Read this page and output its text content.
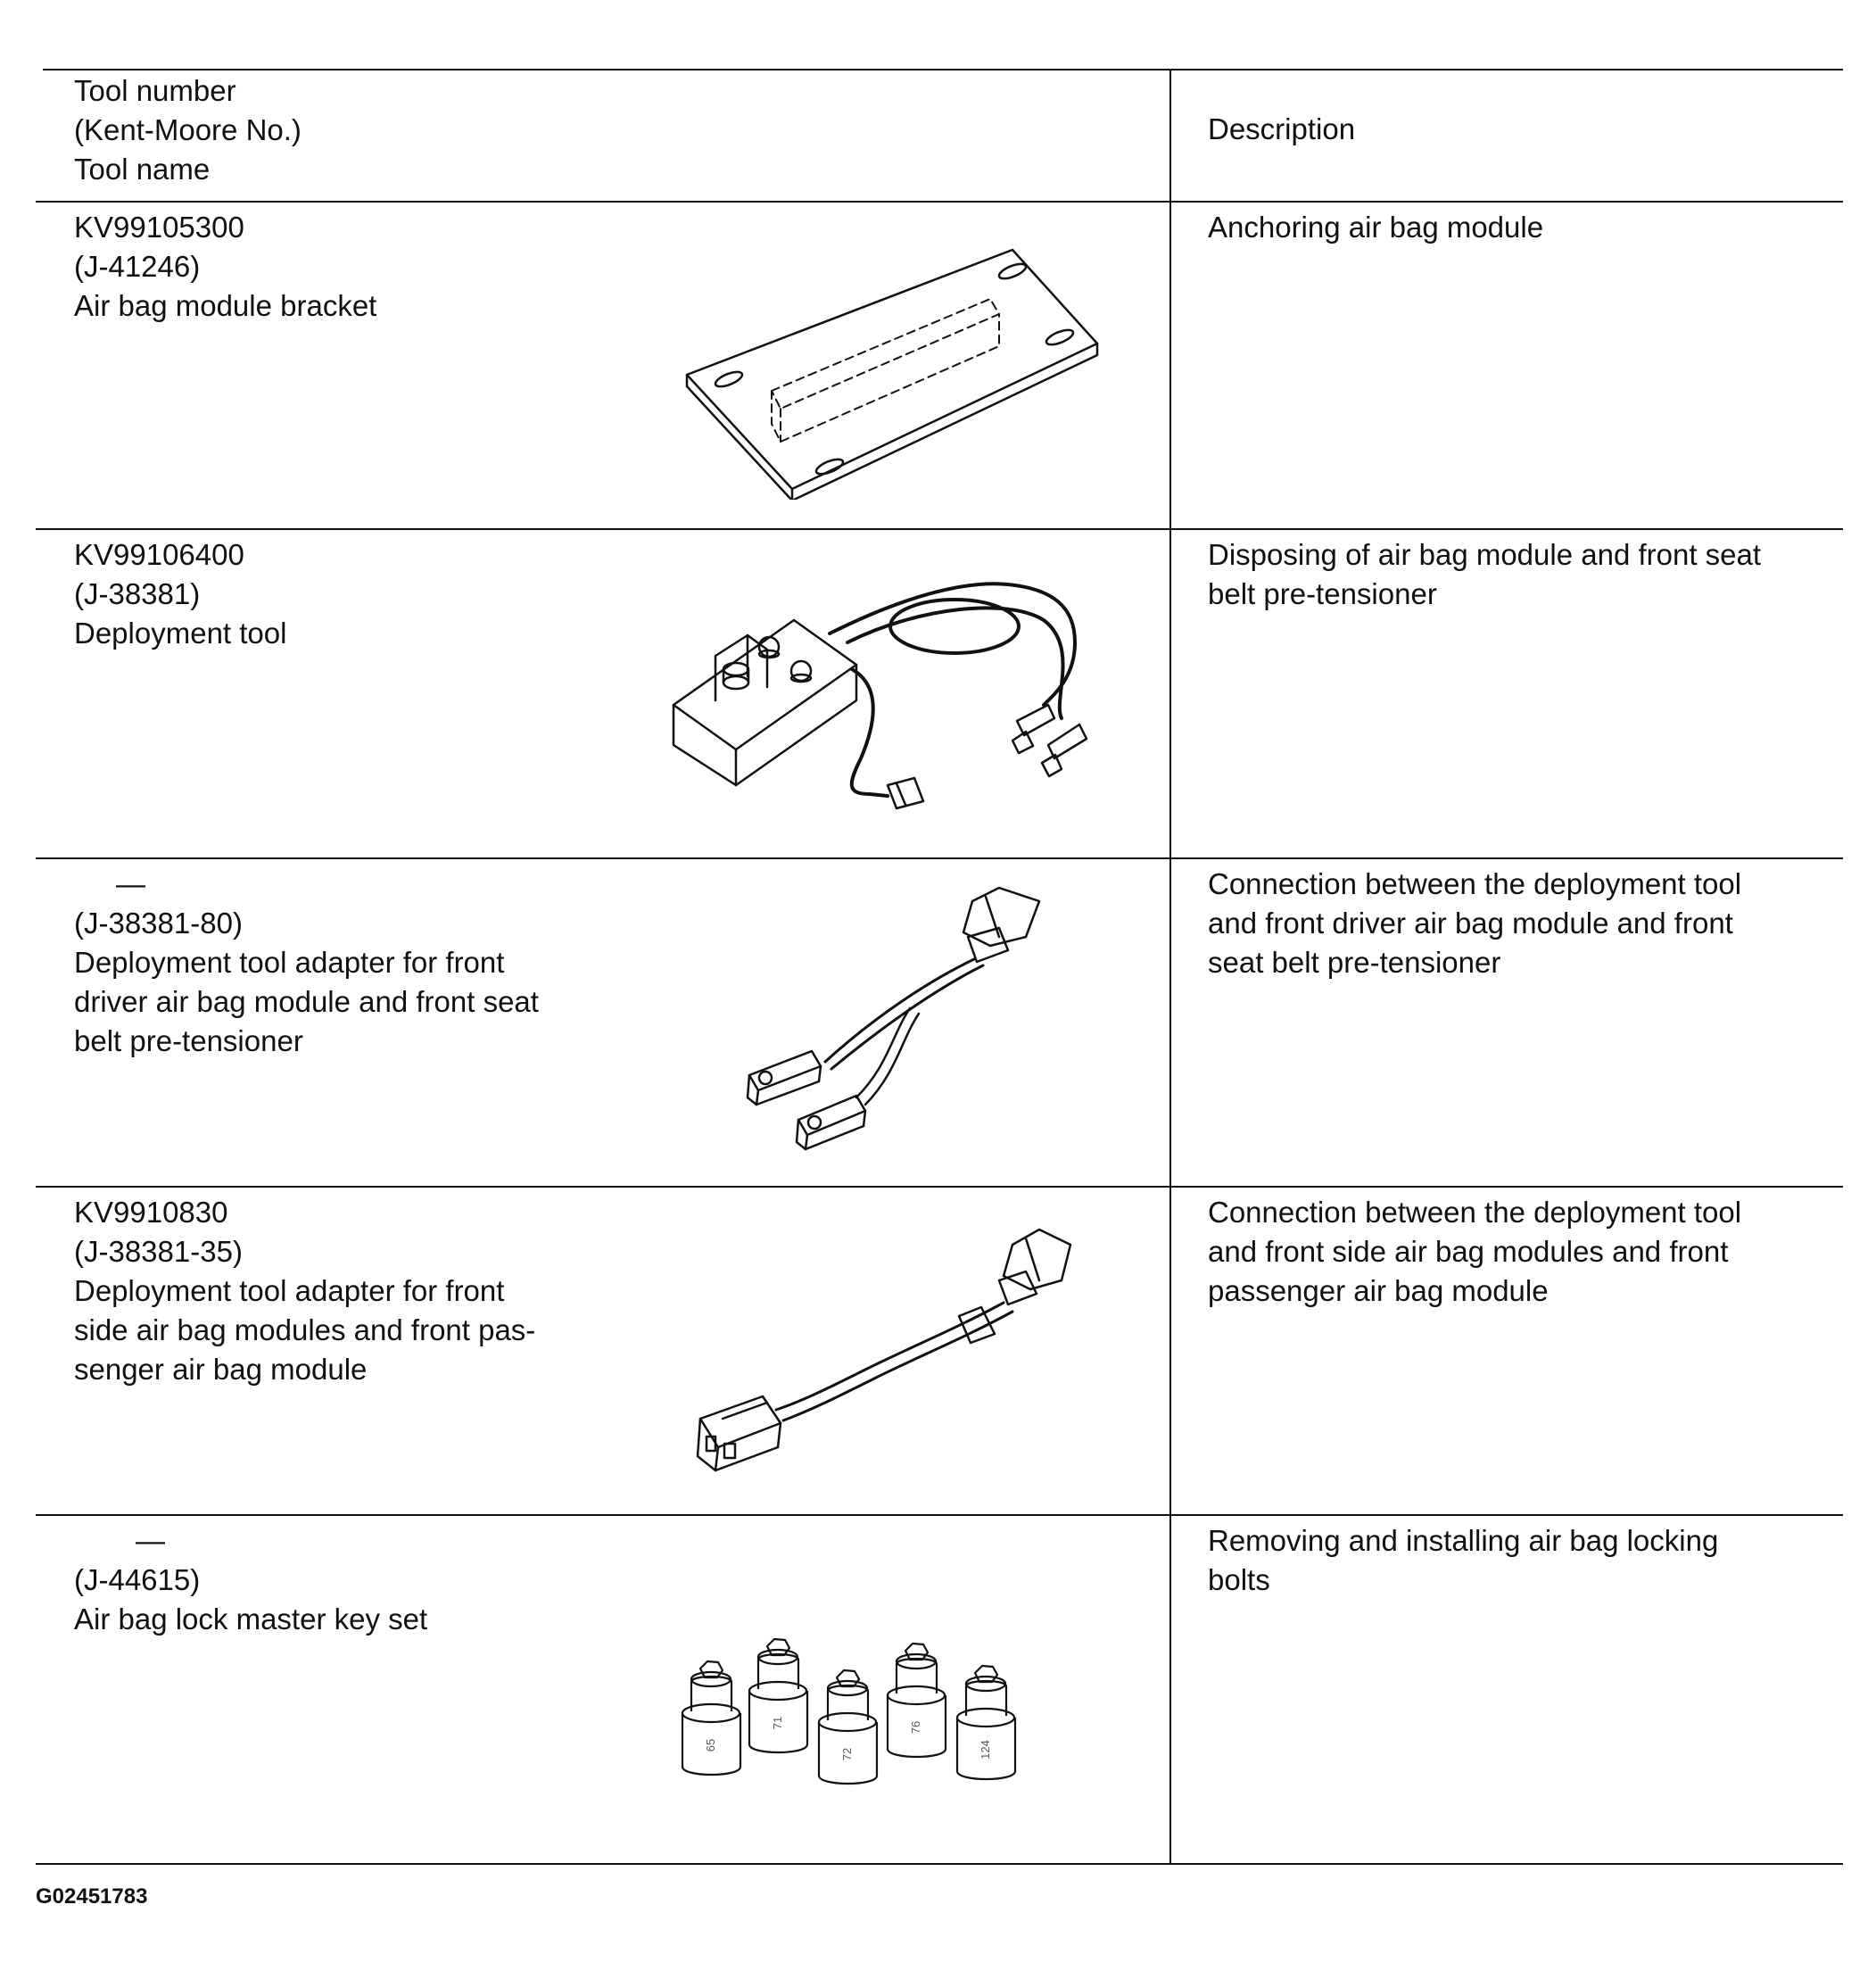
Tool number
(Kent-Moore No.)
Tool name
Description
KV99105300
(J-41246)
Air bag module bracket
Anchoring air bag module
KV99106400
(J-38381)
Deployment tool
Disposing of air bag module and front seat
belt pre-tensioner
—
(J-38381-80)
Deployment tool adapter for front
driver air bag module and front seat
belt pre-tensioner
Connection between the deployment tool
and front driver air bag module and front
seat belt pre-tensioner
KV9910830
(J-38381-35)
Deployment tool adapter for front
side air bag modules and front pas-
senger air bag module
Connection between the deployment tool
and front side air bag modules and front
passenger air bag module
—
(J-44615)
Air bag lock master key set
Removing and installing air bag locking
bolts
65
71
72
76
124
G02451783
